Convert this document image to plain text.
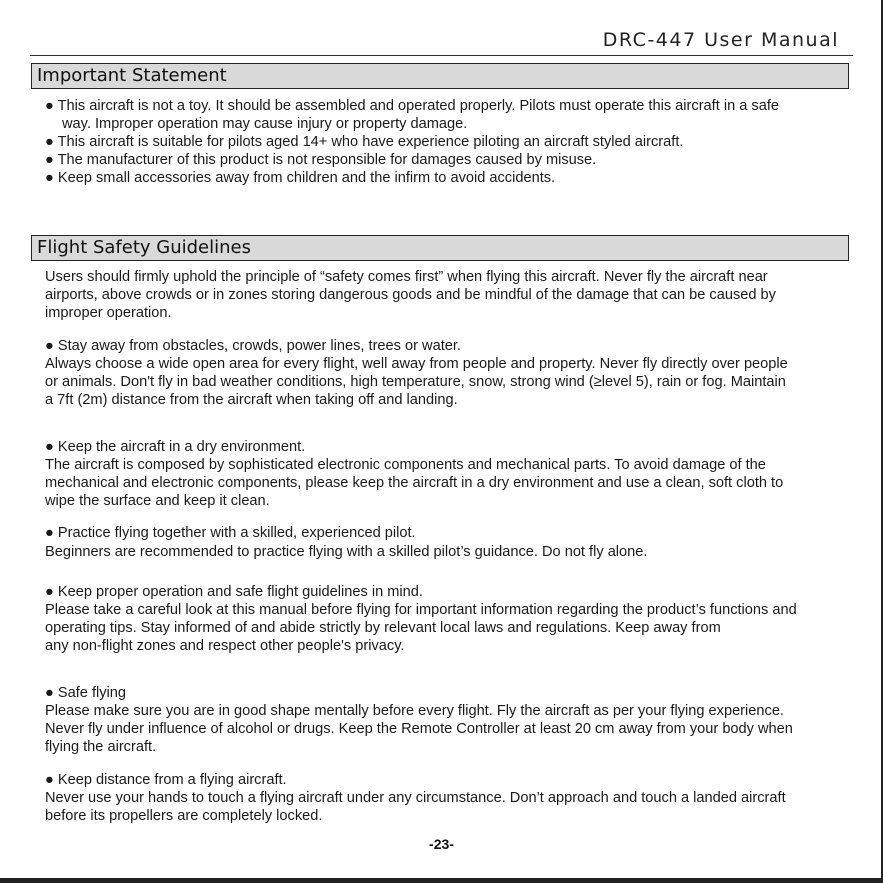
DRC-447 User Manual
Important Statement
● This aircraft is not a toy. It should be assembled and operated properly. Pilots must operate this aircraft in a safe
way. Improper operation may cause injury or property damage.
● This aircraft is suitable for pilots aged 14+ who have experience piloting an aircraft styled aircraft.
● The manufacturer of this product is not responsible for damages caused by misuse.
● Keep small accessories away from children and the infirm to avoid accidents.
Flight Safety Guidelines
Users should firmly uphold the principle of “safety comes first” when flying this aircraft. Never fly the aircraft near
airports, above crowds or in zones storing dangerous goods and be mindful of the damage that can be caused by
improper operation.
● Stay away from obstacles, crowds, power lines, trees or water.
Always choose a wide open area for every flight, well away from people and property. Never fly directly over people
or animals. Don't fly in bad weather conditions, high temperature, snow, strong wind (≥level 5), rain or fog. Maintain
a 7ft (2m) distance from the aircraft when taking off and landing.
● Keep the aircraft in a dry environment.
The aircraft is composed by sophisticated electronic components and mechanical parts. To avoid damage of the
mechanical and electronic components, please keep the aircraft in a dry environment and use a clean, soft cloth to
wipe the surface and keep it clean.
● Practice flying together with a skilled, experienced pilot.
Beginners are recommended to practice flying with a skilled pilot’s guidance. Do not fly alone.
● Keep proper operation and safe flight guidelines in mind.
Please take a careful look at this manual before flying for important information regarding the product’s functions and
operating tips. Stay informed of and abide strictly by relevant local laws and regulations. Keep away from
any non-flight zones and respect other people's privacy.
● Safe flying
Please make sure you are in good shape mentally before every flight. Fly the aircraft as per your flying experience.
Never fly under influence of alcohol or drugs. Keep the Remote Controller at least 20 cm away from your body when
flying the aircraft.
● Keep distance from a flying aircraft.
Never use your hands to touch a flying aircraft under any circumstance. Don’t approach and touch a landed aircraft
before its propellers are completely locked.
-23-
